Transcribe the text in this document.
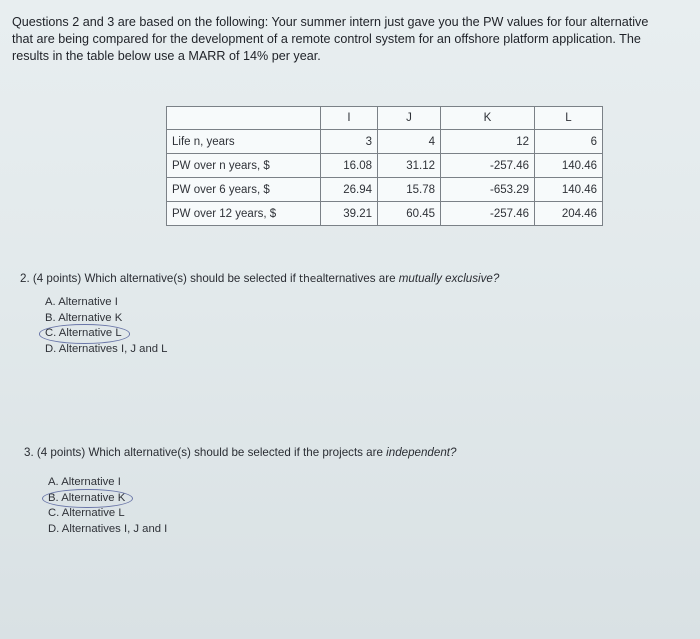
Questions 2 and 3 are based on the following: Your summer intern just gave you the PW values for four alternative
that are being compared for the development of a remote control system for an offshore platform application. The
results in the table below use a MARR of 14% per year.
	I	J	K	L
Life n, years	3	4	12	6
PW over n years, $	16.08	31.12	-257.46	140.46
PW over 6 years, $	26.94	15.78	-653.29	140.46
PW over 12 years, $	39.21	60.45	-257.46	204.46
2. (4 points) Which alternative(s) should be selected if thealternatives are mutually exclusive?
A. Alternative I
B. Alternative K
C. Alternative L
D. Alternatives I, J and L
3. (4 points) Which alternative(s) should be selected if the projects are independent?
A. Alternative I
B. Alternative K
C. Alternative L
D. Alternatives I, J and I
